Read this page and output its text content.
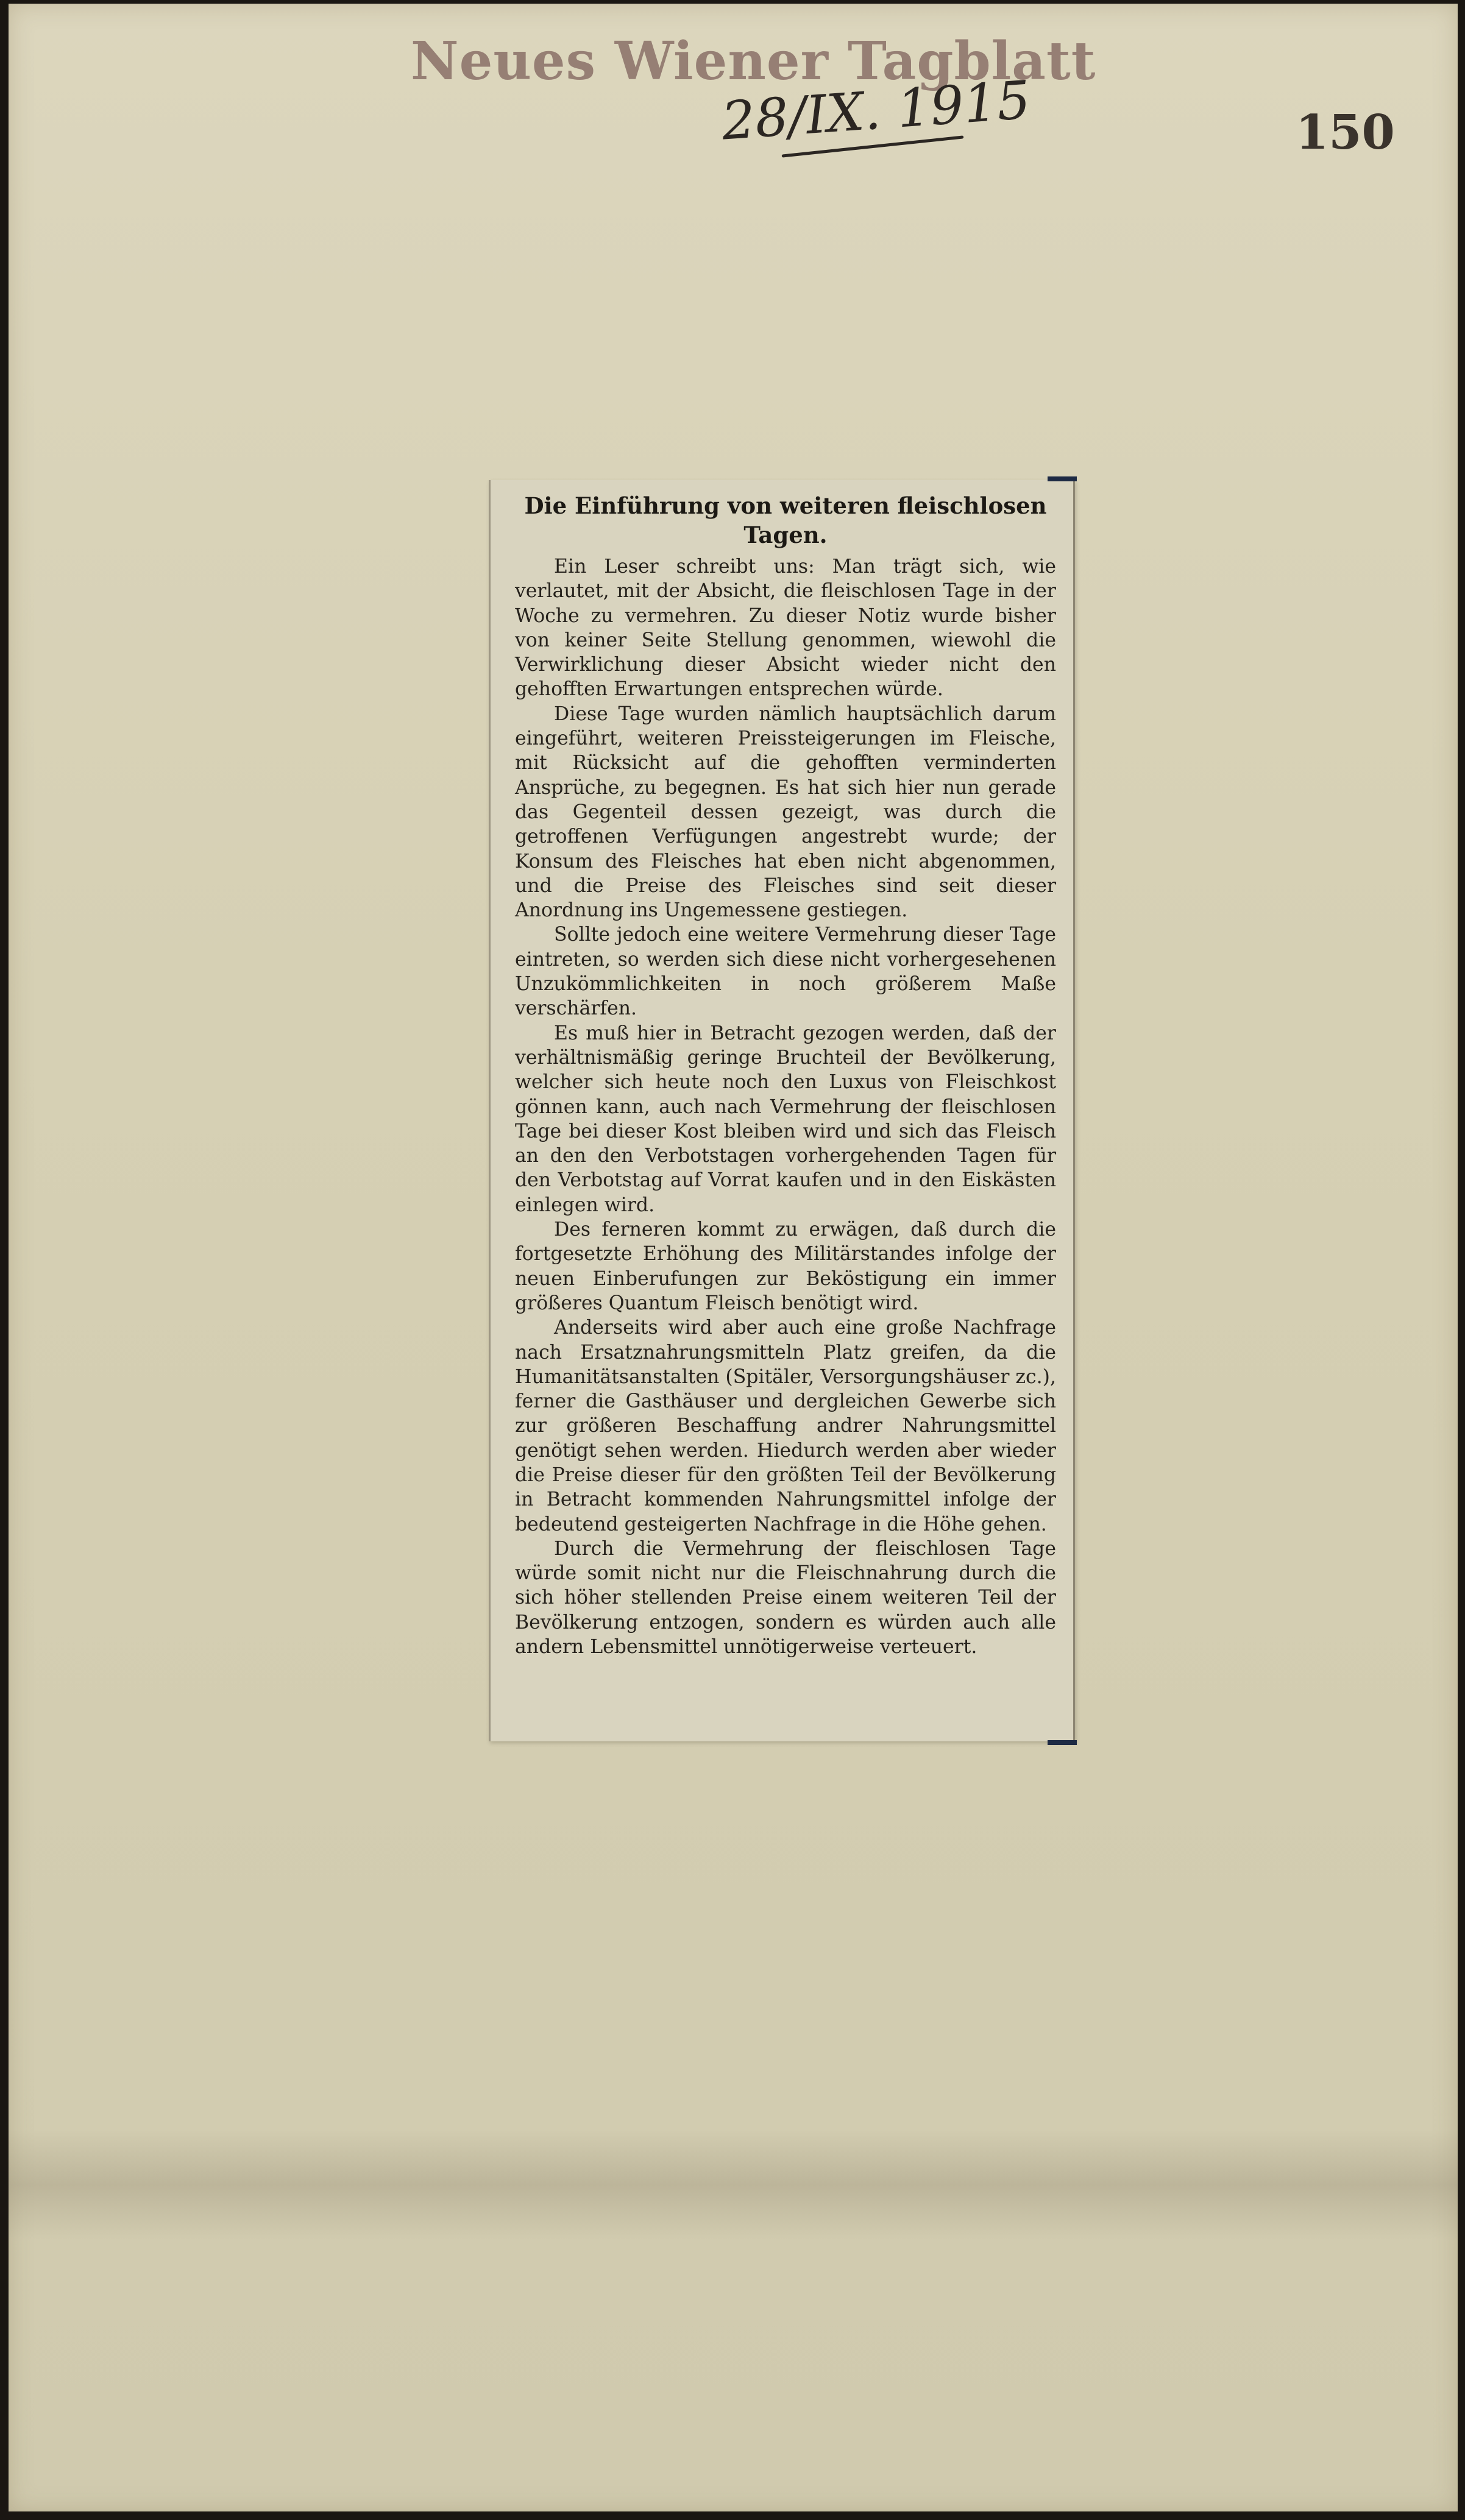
Neues Wiener Tagblatt
28/IX. 1915	150
Die Einführung von weiteren fleischlosen Tagen.

Ein Leser schreibt uns: Man trägt sich, wie verlautet, mit der Absicht, die fleischlosen Tage in der Woche zu vermehren. Zu dieser Notiz wurde bisher von keiner Seite Stellung genommen, wiewohl die Verwirklichung dieser Absicht wieder nicht den gehofften Erwartungen entsprechen würde.

Diese Tage wurden nämlich hauptsächlich darum eingeführt, weiteren Preissteigerungen im Fleische, mit Rücksicht auf die gehofften verminderten Ansprüche, zu begegnen. Es hat sich hier nun gerade das Gegenteil dessen gezeigt, was durch die getroffenen Verfügungen angestrebt wurde; der Konsum des Fleisches hat eben nicht abgenommen, und die Preise des Fleisches sind seit dieser Anordnung ins Ungemessene gestiegen.

Sollte jedoch eine weitere Vermehrung dieser Tage eintreten, so werden sich diese nicht vorhergesehenen Unzukömmlichkeiten in noch größerem Maße verschärfen.

Es muß hier in Betracht gezogen werden, daß der verhältnismäßig geringe Bruchteil der Bevölkerung, welcher sich heute noch den Luxus von Fleischkost gönnen kann, auch nach Vermehrung der fleischlosen Tage bei dieser Kost bleiben wird und sich das Fleisch an den den Verbotstagen vorhergehenden Tagen für den Verbotstag auf Vorrat kaufen und in den Eiskästen einlegen wird.

Des ferneren kommt zu erwägen, daß durch die fortgesetzte Erhöhung des Militärstandes infolge der neuen Einberufungen zur Beköstigung ein immer größeres Quantum Fleisch benötigt wird.

Anderseits wird aber auch eine große Nachfrage nach Ersatznahrungsmitteln Platz greifen, da die Humanitätsanstalten (Spitäler, Versorgungshäuser zc.), ferner die Gasthäuser und dergleichen Gewerbe sich zur größeren Beschaffung andrer Nahrungsmittel genötigt sehen werden. Hiedurch werden aber wieder die Preise dieser für den größten Teil der Bevölkerung in Betracht kommenden Nahrungsmittel infolge der bedeutend gesteigerten Nachfrage in die Höhe gehen.

Durch die Vermehrung der fleischlosen Tage würde somit nicht nur die Fleischnahrung durch die sich höher stellenden Preise einem weiteren Teil der Bevölkerung entzogen, sondern es würden auch alle andern Lebensmittel unnötigerweise verteuert.
